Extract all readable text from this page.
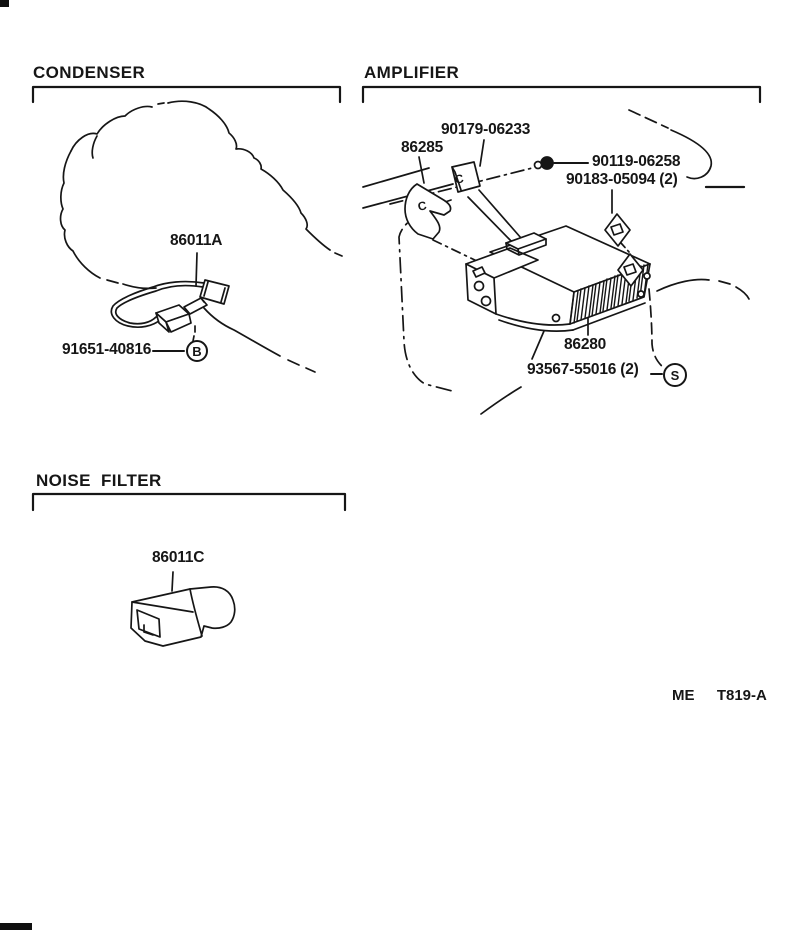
C
C
CONDENSER	AMPLIFIER
NOISE FILTER
86011A
91651-40816	B
86285
90179-06233
90119-06258
90183-05094 (2)
86280
93567-55016 (2) S
86011C
ME  T819-A
